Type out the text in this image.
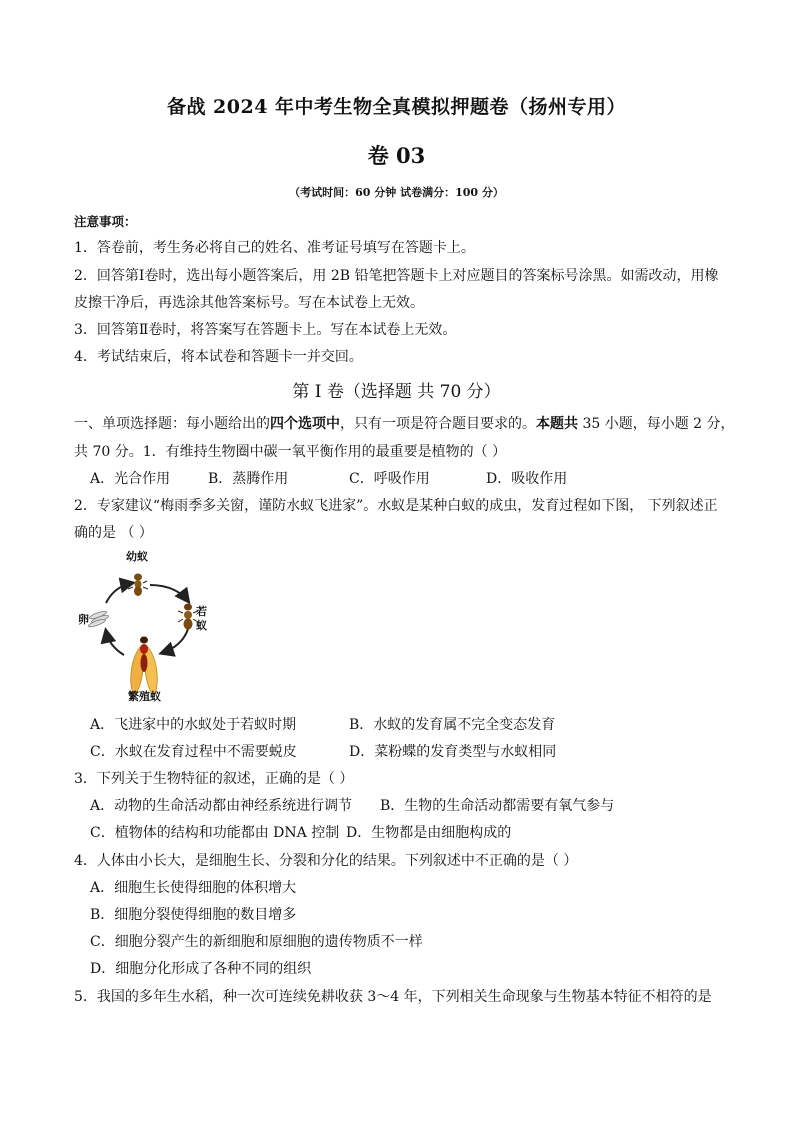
备战 2024 年中考生物全真模拟押题卷（扬州专用）
卷 03
（考试时间：60 分钟 试卷满分：100 分）
注意事项：
1．答卷前，考生务必将自己的姓名、准考证号填写在答题卡上。
2．回答第Ⅰ卷时，选出每小题答案后，用 2B 铅笔把答题卡上对应题目的答案标号涂黑。如需改动，用橡
皮擦干净后，再选涂其他答案标号。写在本试卷上无效。
3．回答第Ⅱ卷时，将答案写在答题卡上。写在本试卷上无效。
4．考试结束后，将本试卷和答题卡一并交回。
第 I 卷（选择题 共 70 分）
一、单项选择题：每小题给出的四个选项中，只有一项是符合题目要求的。本题共 35 小题，每小题 2 分，
共 70 分。1．有维持生物圈中碳一氧平衡作用的最重要是植物的（ ）
A．光合作用	B．蒸腾作用	C．呼吸作用	D．吸收作用
2．专家建议“梅雨季多关窗，谨防水蚁飞进家”。水蚁是某种白蚁的成虫，发育过程如下图， 下列叙述正
确的是 （ ）
幼蚁
若
蚁
卵
繁殖蚁
A．飞进家中的水蚁处于若蚁时期	B．水蚁的发育属不完全变态发育
C．水蚁在发育过程中不需要蜕皮	D．菜粉蝶的发育类型与水蚁相同
3．下列关于生物特征的叙述，正确的是（ ）
A．动物的生命活动都由神经系统进行调节 B．生物的生命活动都需要有氧气参与
C．植物体的结构和功能都由 DNA 控制 D．生物都是由细胞构成的
4．人体由小长大，是细胞生长、分裂和分化的结果。下列叙述中不正确的是（ ）
A．细胞生长使得细胞的体积增大
B．细胞分裂使得细胞的数目增多
C．细胞分裂产生的新细胞和原细胞的遗传物质不一样
D．细胞分化形成了各种不同的组织
5．我国的多年生水稻，种一次可连续免耕收获 3～4 年，下列相关生命现象与生物基本特征不相符的是
